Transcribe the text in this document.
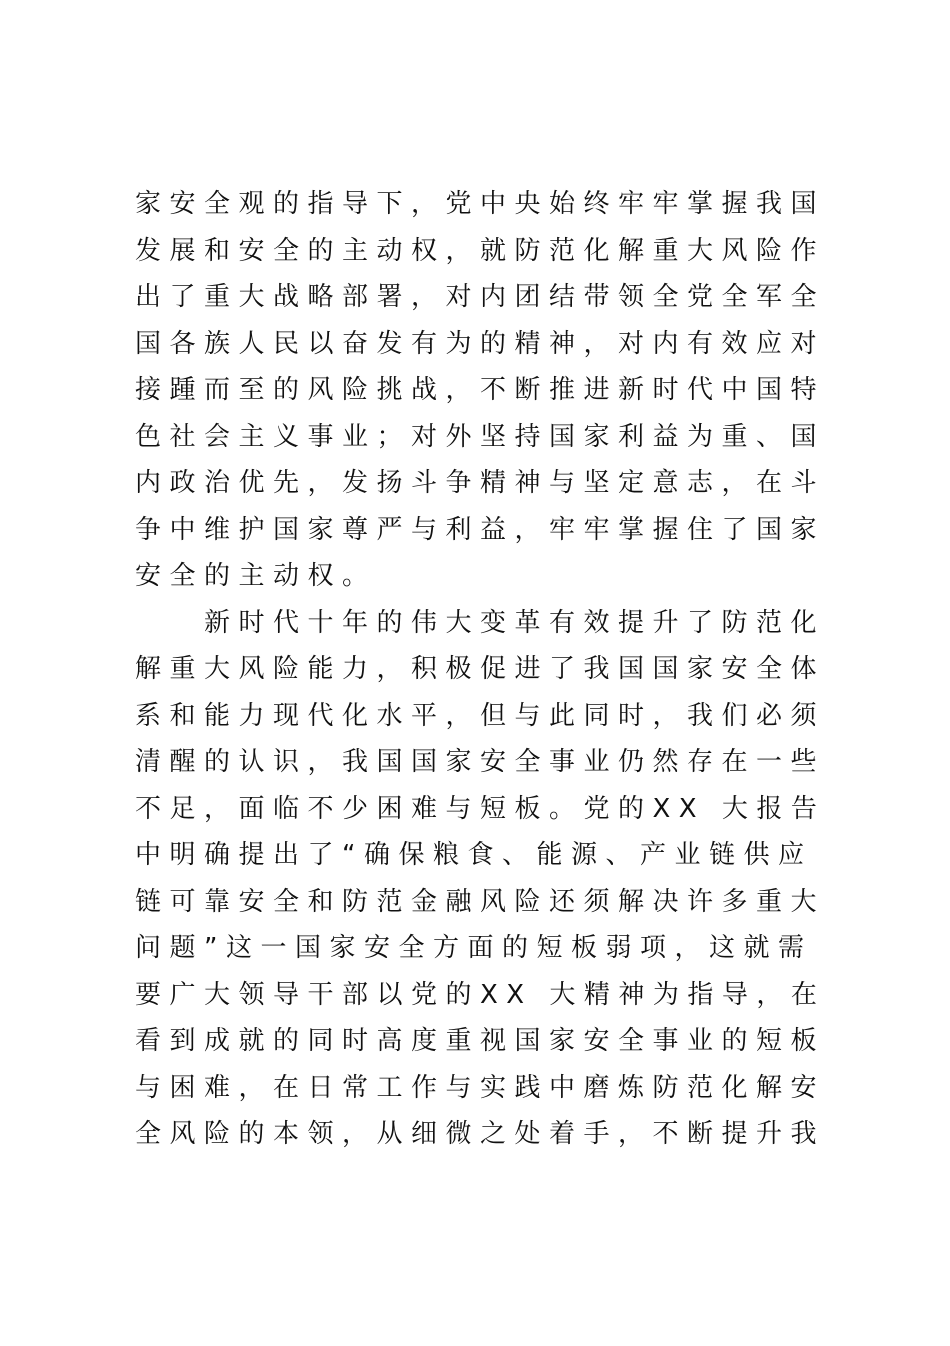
家安全观的指导下，党中央始终牢牢掌握我国
发展和安全的主动权，就防范化解重大风险作
出了重大战略部署，对内团结带领全党全军全
国各族人民以奋发有为的精神，对内有效应对
接踵而至的风险挑战，不断推进新时代中国特
色社会主义事业；对外坚持国家利益为重、国
内政治优先，发扬斗争精神与坚定意志，在斗
争中维护国家尊严与利益，牢牢掌握住了国家
安全的主动权。
　　新时代十年的伟大变革有效提升了防范化
解重大风险能力，积极促进了我国国家安全体
系和能力现代化水平，但与此同时，我们必须
清醒的认识，我国国家安全事业仍然存在一些
不足，面临不少困难与短板。党的XX 大报告
中明确提出了“确保粮食、能源、产业链供应
链可靠安全和防范金融风险还须解决许多重大
问题”这一国家安全方面的短板弱项，这就需
要广大领导干部以党的XX 大精神为指导，在
看到成就的同时高度重视国家安全事业的短板
与困难，在日常工作与实践中磨炼防范化解安
全风险的本领，从细微之处着手，不断提升我
